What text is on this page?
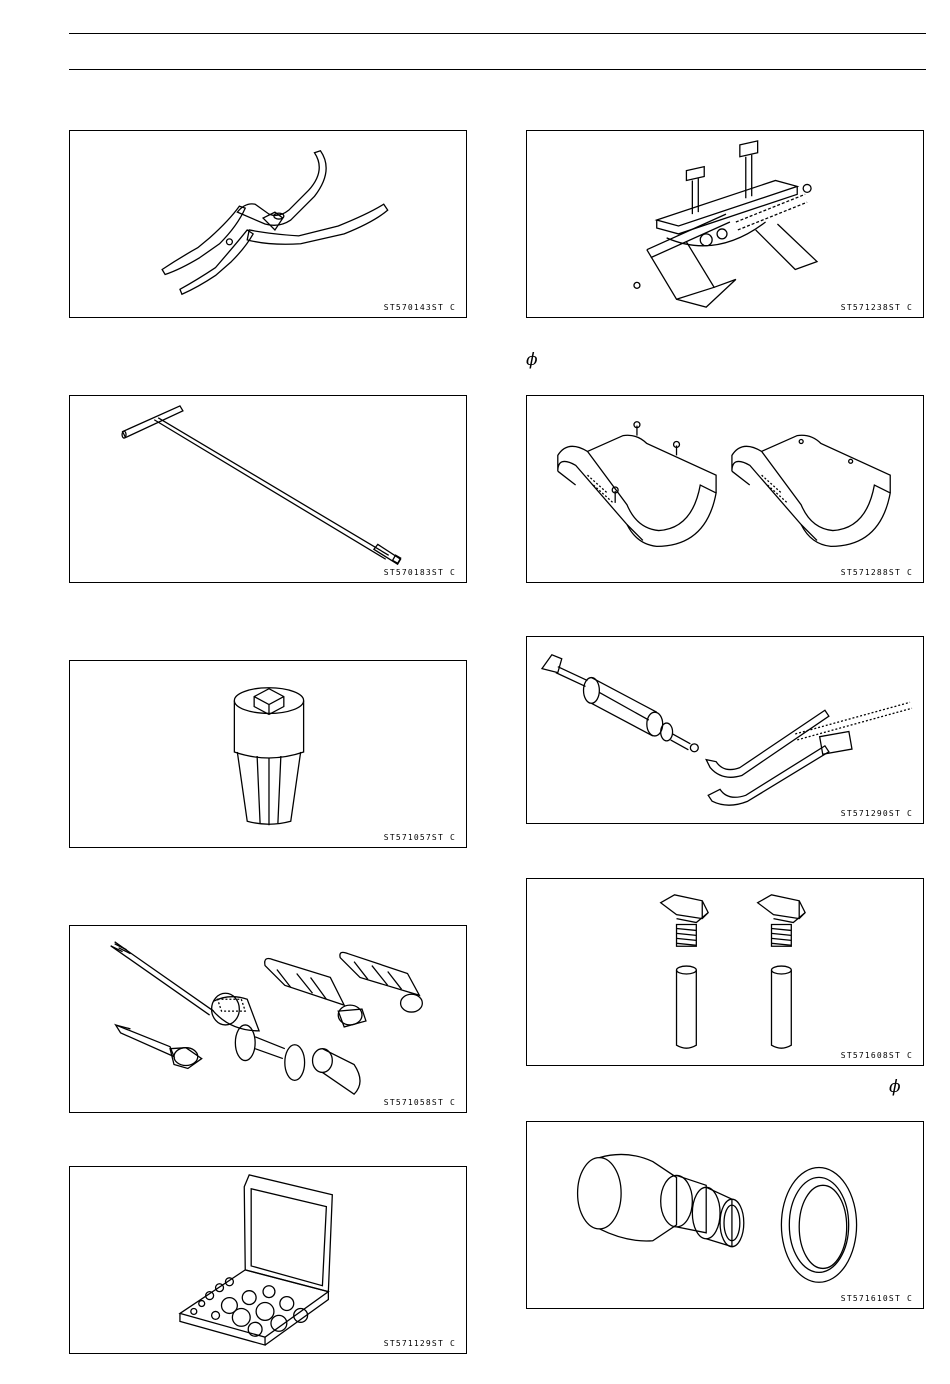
ST570143ST C
ST570183ST C
ST571057ST C
ST571058ST C
ST571129ST C
ST571238ST C
ϕ
ST571288ST C
ST571290ST C
ST571608ST C
ϕ
ST571610ST C
